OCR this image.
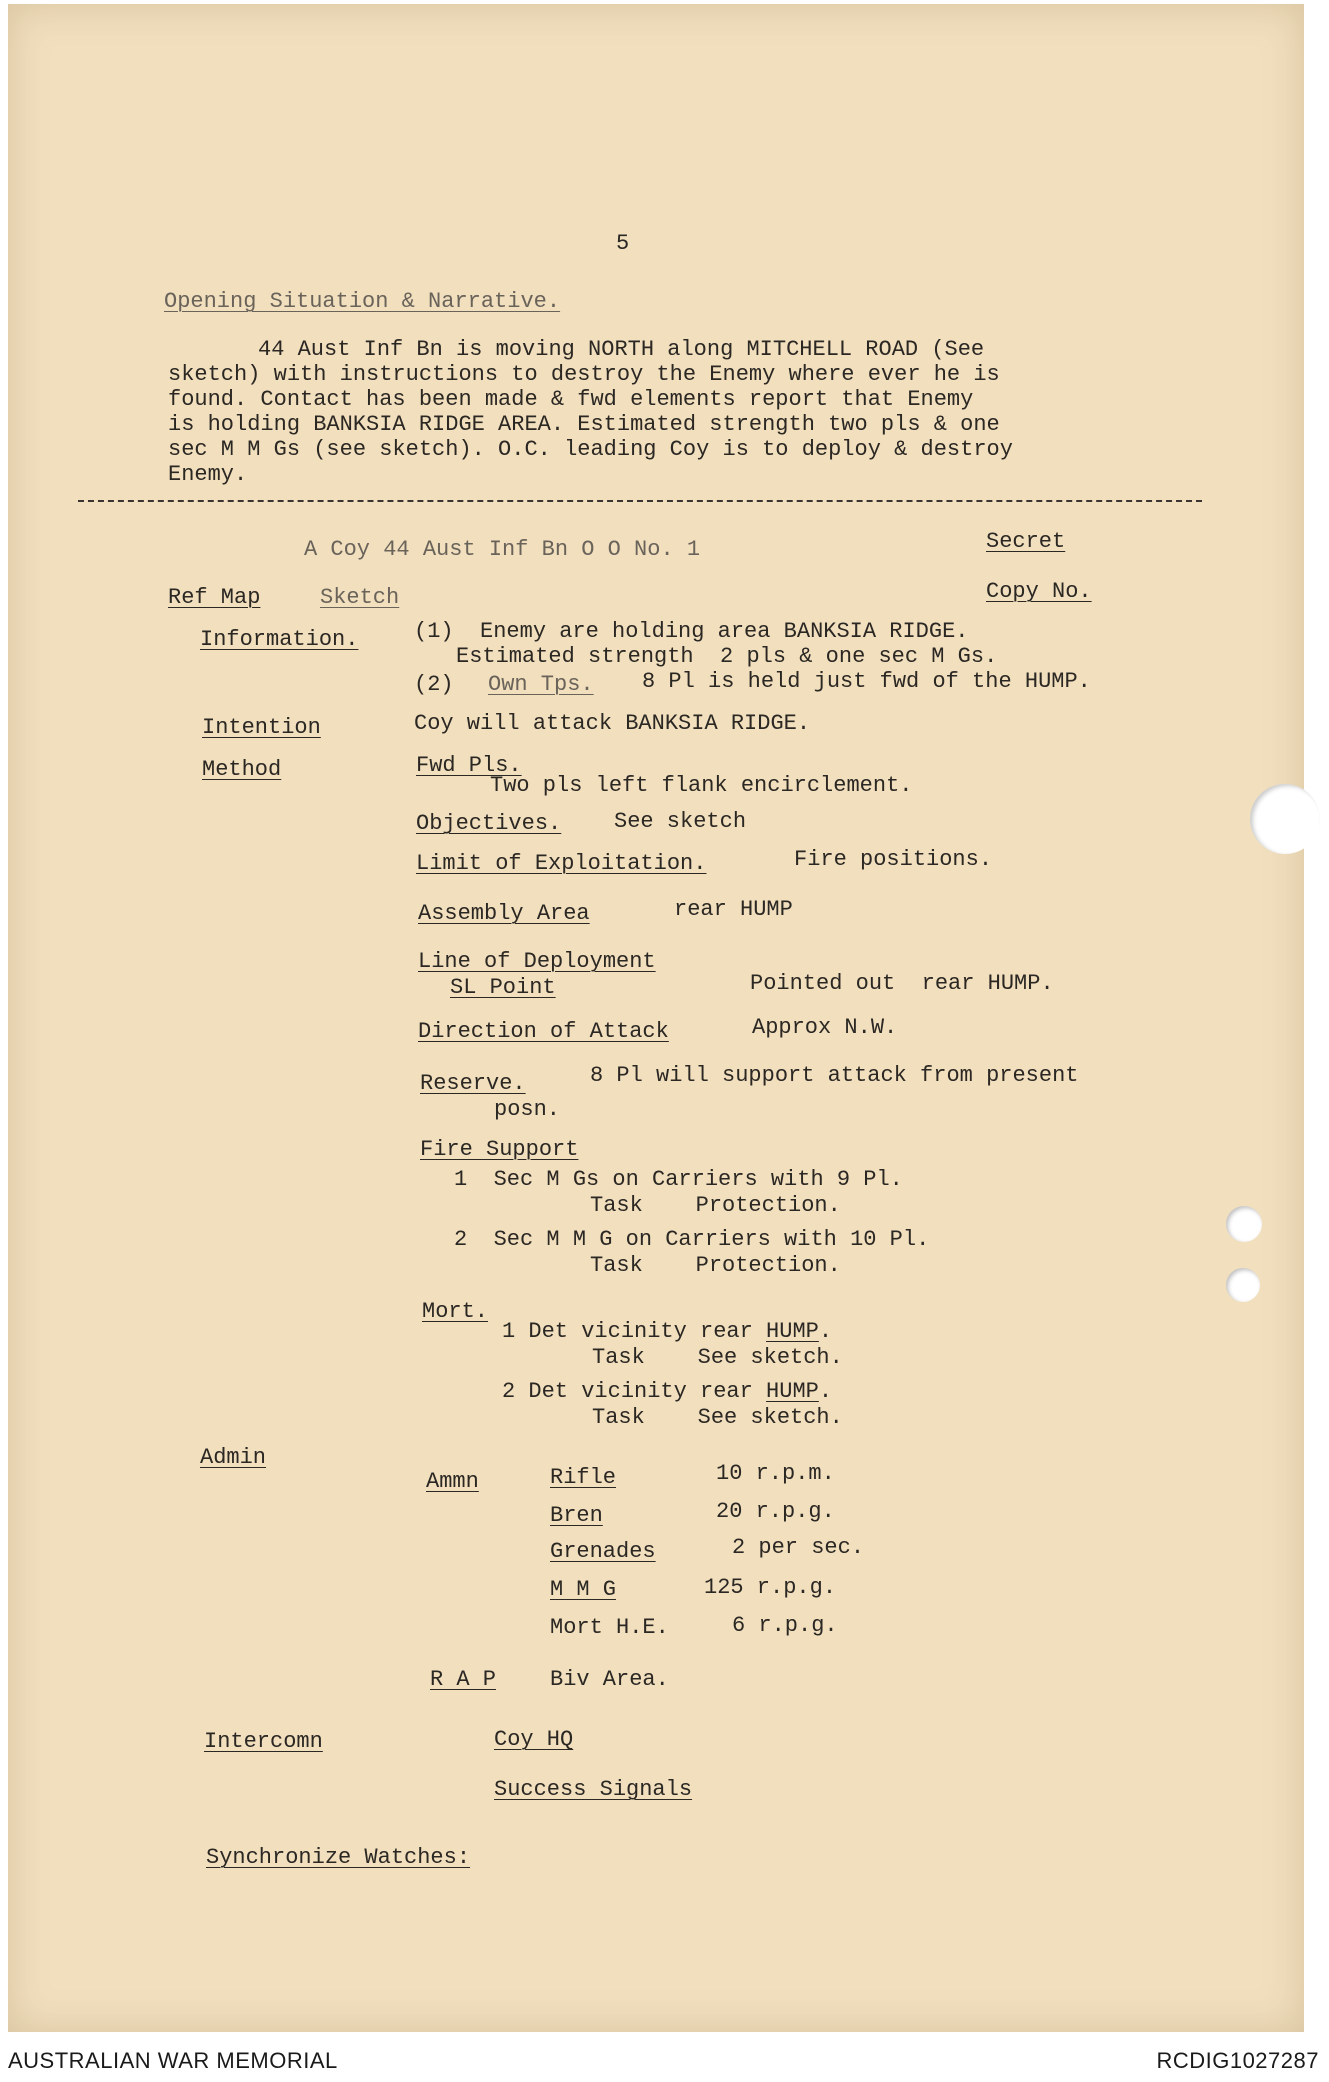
5
Opening Situation & Narrative.
44 Aust Inf Bn is moving NORTH along MITCHELL ROAD (See
sketch) with instructions to destroy the Enemy where ever he is
found. Contact has been made & fwd elements report that Enemy
is holding BANKSIA RIDGE AREA. Estimated strength two pls & one
sec M M Gs (see sketch). O.C. leading Coy is to deploy & destroy
Enemy.
A Coy 44 Aust Inf Bn O O No. 1	Secret
Ref Map	Sketch	Copy No.
Information.	(1)  Enemy are holding area BANKSIA RIDGE.
Estimated strength  2 pls & one sec M Gs.
(2) Own Tps. 8 Pl is held just fwd of the HUMP.
Intention	Coy will attack BANKSIA RIDGE.
Method	Fwd Pls.
Two pls left flank encirclement.
Objectives. See sketch
Limit of Exploitation.	Fire positions.
Assembly Area	rear HUMP
Line of Deployment
SL Point	Pointed out  rear HUMP.
Direction of Attack	Approx N.W.
Reserve.	8 Pl will support attack from present
posn.
Fire Support
1  Sec M Gs on Carriers with 9 Pl.
Task    Protection.
2  Sec M M G on Carriers with 10 Pl.
Task    Protection.
Mort.
1 Det vicinity rear HUMP.
Task    See sketch.
2 Det vicinity rear HUMP.
Task    See sketch.
Admin
Ammn	Rifle	10 r.p.m.
Bren	20 r.p.g.
Grenades	2 per sec.
M M G	125 r.p.g.
Mort H.E.	6 r.p.g.
R A P Biv Area.
Intercomn	Coy HQ
Success Signals
Synchronize Watches:
AUSTRALIAN WAR MEMORIAL	RCDIG1027287
